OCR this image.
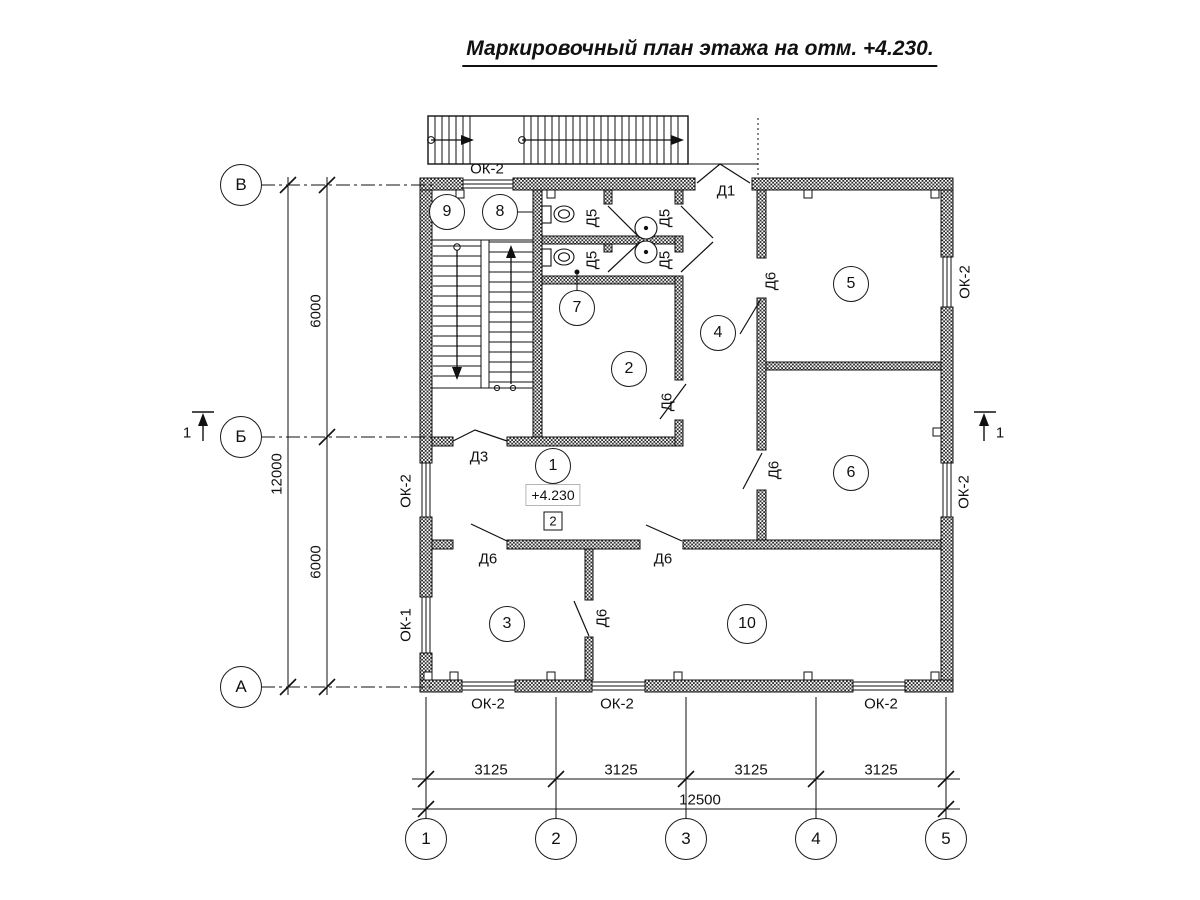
Маркировочный план этажа на отм. +4.230.
1
2
3
4
5
6
7
8
9
10
+4.230
2
Д1
Д3
Д5
Д5
Д5
Д5
Д6
Д6
Д6
Д6
Д6	Д6
ОК-2
ОК-2	ОК-2	ОК-2
ОК-2
ОК-1
ОК-2
ОК-2
3125	3125	3125	3125
12500
6000
6000
12000
1	1
В
Б
А
1	2	3	4	5
